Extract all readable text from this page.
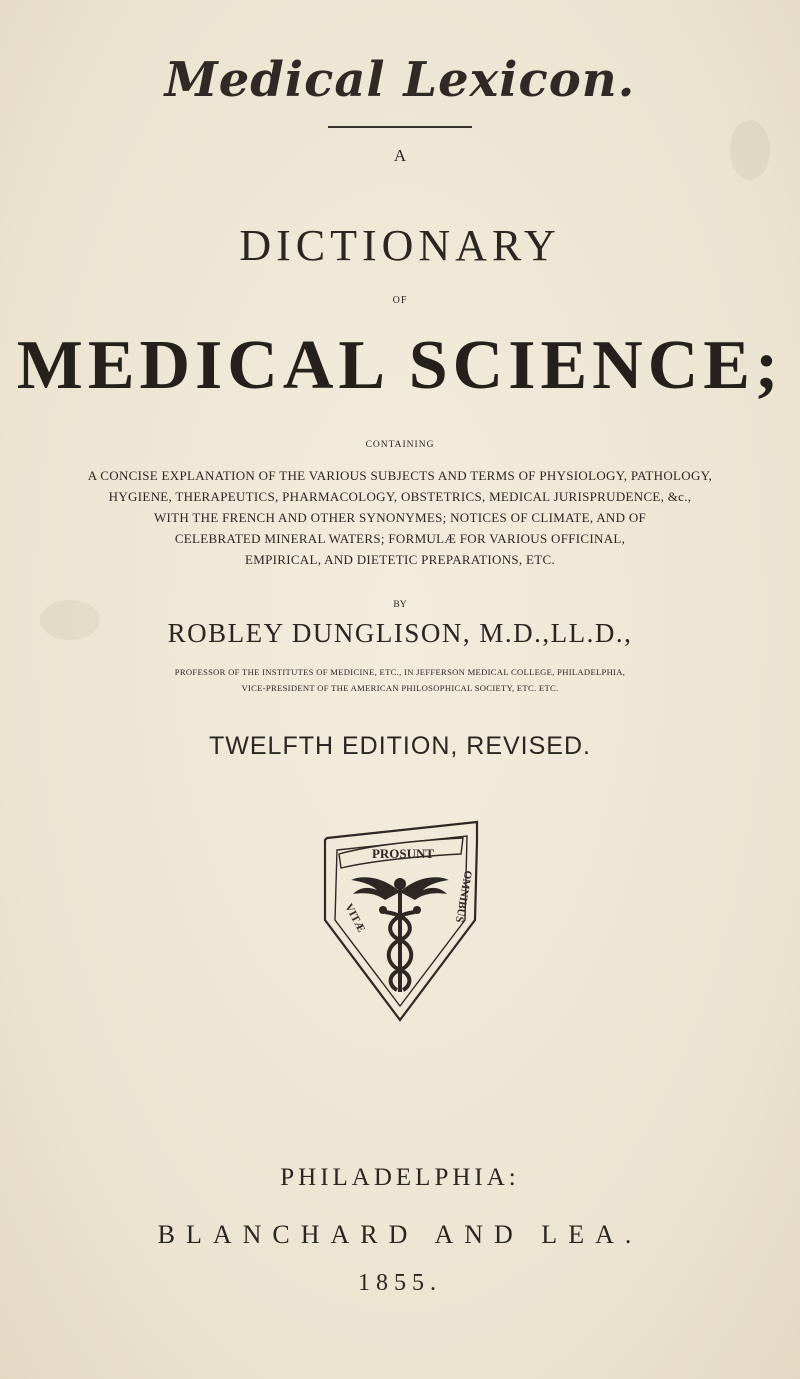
Medical Lexicon.

A

DICTIONARY

OF

MEDICAL SCIENCE;

CONTAINING

A CONCISE EXPLANATION OF THE VARIOUS SUBJECTS AND TERMS OF PHYSIOLOGY, PATHOLOGY,

HYGIENE, THERAPEUTICS, PHARMACOLOGY, OBSTETRICS, MEDICAL JURISPRUDENCE, &c.,

WITH THE FRENCH AND OTHER SYNONYMES; NOTICES OF CLIMATE, AND OF

CELEBRATED MINERAL WATERS; FORMULÆ FOR VARIOUS OFFICINAL,

EMPIRICAL, AND DIETETIC PREPARATIONS, ETC.

BY

ROBLEY DUNGLISON, M.D.,LL.D.,

PROFESSOR OF THE INSTITUTES OF MEDICINE, ETC., IN JEFFERSON MEDICAL COLLEGE, PHILADELPHIA,

VICE-PRESIDENT OF THE AMERICAN PHILOSOPHICAL SOCIETY, ETC. ETC.

TWELFTH EDITION, REVISED.

PROSUNT
VITÆ	OMNIBUS

PHILADELPHIA:

BLANCHARD AND LEA.

1855.
